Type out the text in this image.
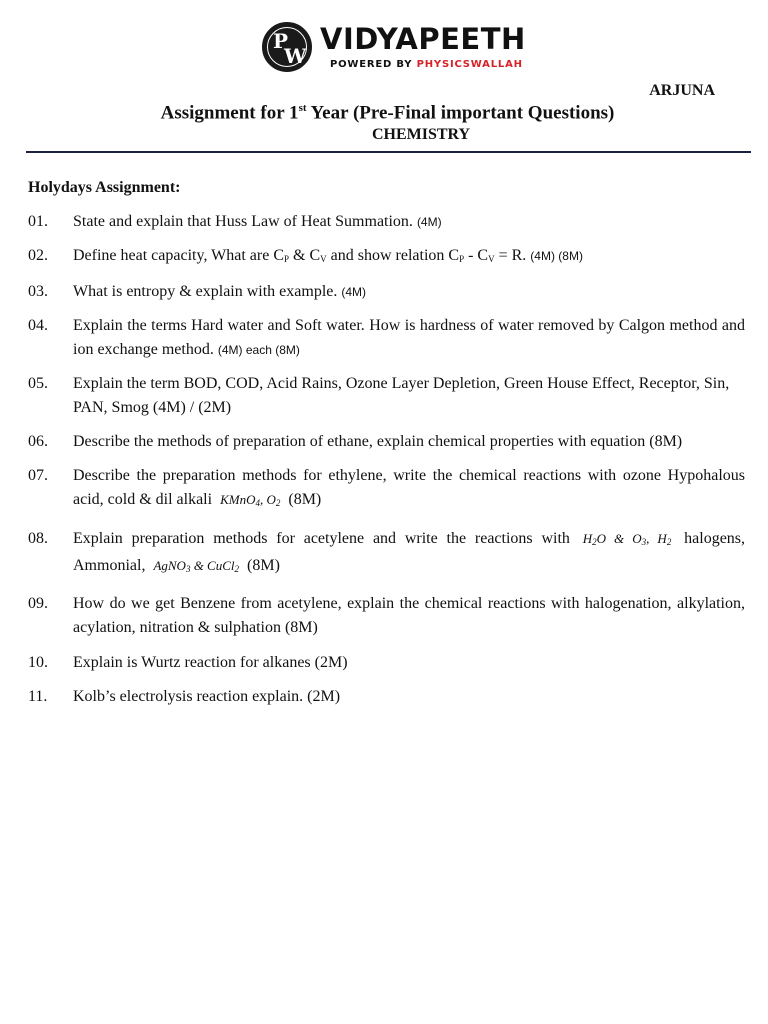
P
W VIDYAPEETH
POWERED BY PHYSICSWALLAH
ARJUNA
Assignment for 1st Year (Pre-Final important Questions)
CHEMISTRY
Holydays Assignment:
01. State and explain that Huss Law of Heat Summation. (4M)
02. Define heat capacity, What are $C_P$ & $C_V$ and show relation $C_P - C_V = R$. (4M) (8M)
03. What is entropy & explain with example. (4M)
04. Explain the terms Hard water and Soft water. How is hardness of water removed by Calgon method and ion exchange method. (4M) each (8M)
05. Explain the term BOD, COD, Acid Rains, Ozone Layer Depletion, Green House Effect, Receptor, Sin, PAN, Smog (4M) / (2M)
06. Describe the methods of preparation of ethane, explain chemical properties with equation (8M)
07. Describe the preparation methods for ethylene, write the chemical reactions with ozone Hypohalous acid, cold & dil alkali KMnO$_4$, $O_2$ (8M)
08. Explain preparation methods for acetylene and write the reactions with $H_2O$ & $O_3$, $H_2$ halogens, Ammonial, AgNO$_3$ & CuCl$_2$ (8M)
09. How do we get Benzene from acetylene, explain the chemical reactions with halogenation, alkylation, acylation, nitration & sulphation (8M)
10. Explain is Wurtz reaction for alkanes (2M)
11. Kolb’s electrolysis reaction explain. (2M)
